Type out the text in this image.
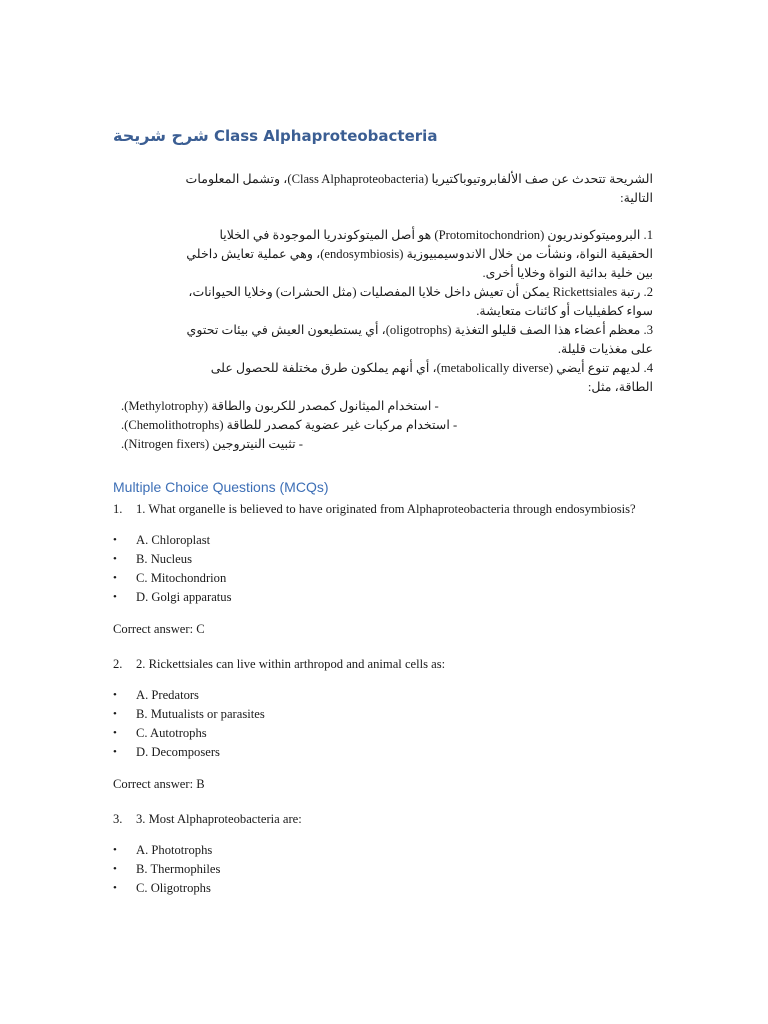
شرح شريحة Class Alphaproteobacteria

الشريحة تتحدث عن صف الألفابروتيوباكتيريا (Class Alphaproteobacteria)، وتشمل المعلومات

التالية:

1. البروميتوكوندريون (Protomitochondrion) هو أصل الميتوكوندريا الموجودة في الخلايا

الحقيقية النواة، ونشأت من خلال الاندوسيمبيوزية (endosymbiosis)، وهي عملية تعايش داخلي

بين خلية بدائية النواة وخلايا أخرى.

2. رتبة Rickettsiales يمكن أن تعيش داخل خلايا المفصليات (مثل الحشرات) وخلايا الحيوانات،

سواء كطفيليات أو كائنات متعايشة.

3. معظم أعضاء هذا الصف قليلو التغذية (oligotrophs)، أي يستطيعون العيش في بيئات تحتوي

على مغذيات قليلة.

4. لديهم تنوع أيضي (metabolically diverse)، أي أنهم يملكون طرق مختلفة للحصول على

الطاقة، مثل:

- استخدام الميثانول كمصدر للكربون والطاقة (Methylotrophy).

- استخدام مركبات غير عضوية كمصدر للطاقة (Chemolithotrophs).

- تثبيت النيتروجين (Nitrogen fixers).

Multiple Choice Questions (MCQs)
1.	1. What organelle is believed to have originated from Alphaproteobacteria through endosymbiosis?
•	A. Chloroplast
•	B. Nucleus
•	C. Mitochondrion
•	D. Golgi apparatus
Correct answer: C
2.	2. Rickettsiales can live within arthropod and animal cells as:
•	A. Predators
•	B. Mutualists or parasites
•	C. Autotrophs
•	D. Decomposers
Correct answer: B
3.	3. Most Alphaproteobacteria are:
•	A. Phototrophs
•	B. Thermophiles
•	C. Oligotrophs
